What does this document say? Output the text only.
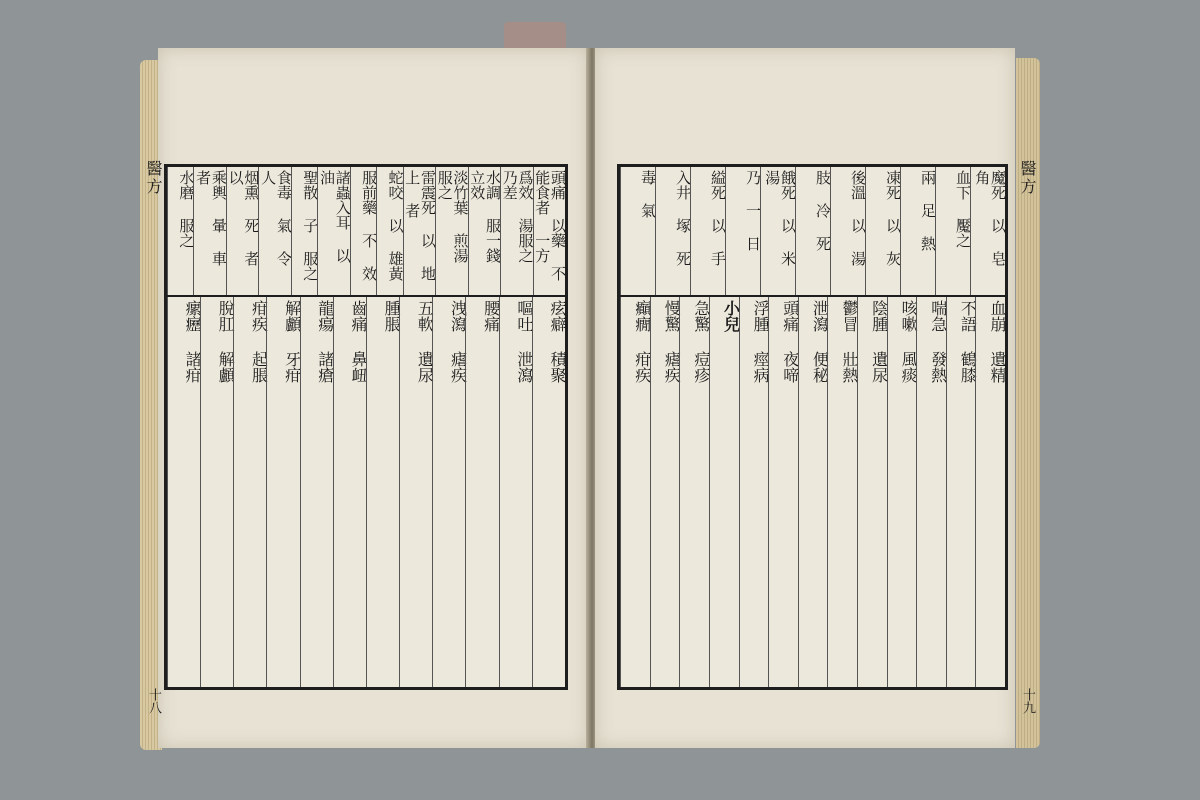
醫方	頭痛 以藥 不能食者 一方
爲效 湯服之 乃差
水調 服一錢 立效
淡竹葉 煎湯 服之
雷震死 以 地上 者
蛇咬 以 雄黃
服前藥 不 效
諸蟲入耳 以 油
聖散 子 服之
食毒 氣 令 人
烟熏 死 者 以
乘輿 暈 車 者
水磨 服之
痃癖 積聚
嘔吐 泄瀉
腰痛
洩瀉 瘧疾
五軟 遺尿
腫脹
齒痛 鼻衄
龍瘍 諸瘡
解顱 牙疳
疳疾 起脹
脫肛 解顱
瘰癧 諸疳
十八
醫方
魔死 以 皂 角
血下 魘之
兩 足 熱
凍死 以 灰
後溫 以 湯
肢 冷 死
餓死 以 米 湯
乃 一 日
縊死 以 手
入井 塚 死
毒 氣
血崩 遺精
不語 鶴膝
喘急 發熱
咳嗽 風痰
陰腫 遺尿
鬱冒 壯熱
泄瀉 便秘
頭痛 夜啼
浮腫 痙病
小兒
急驚 痘疹
慢驚 瘧疾
癲癇 疳疾
十九
